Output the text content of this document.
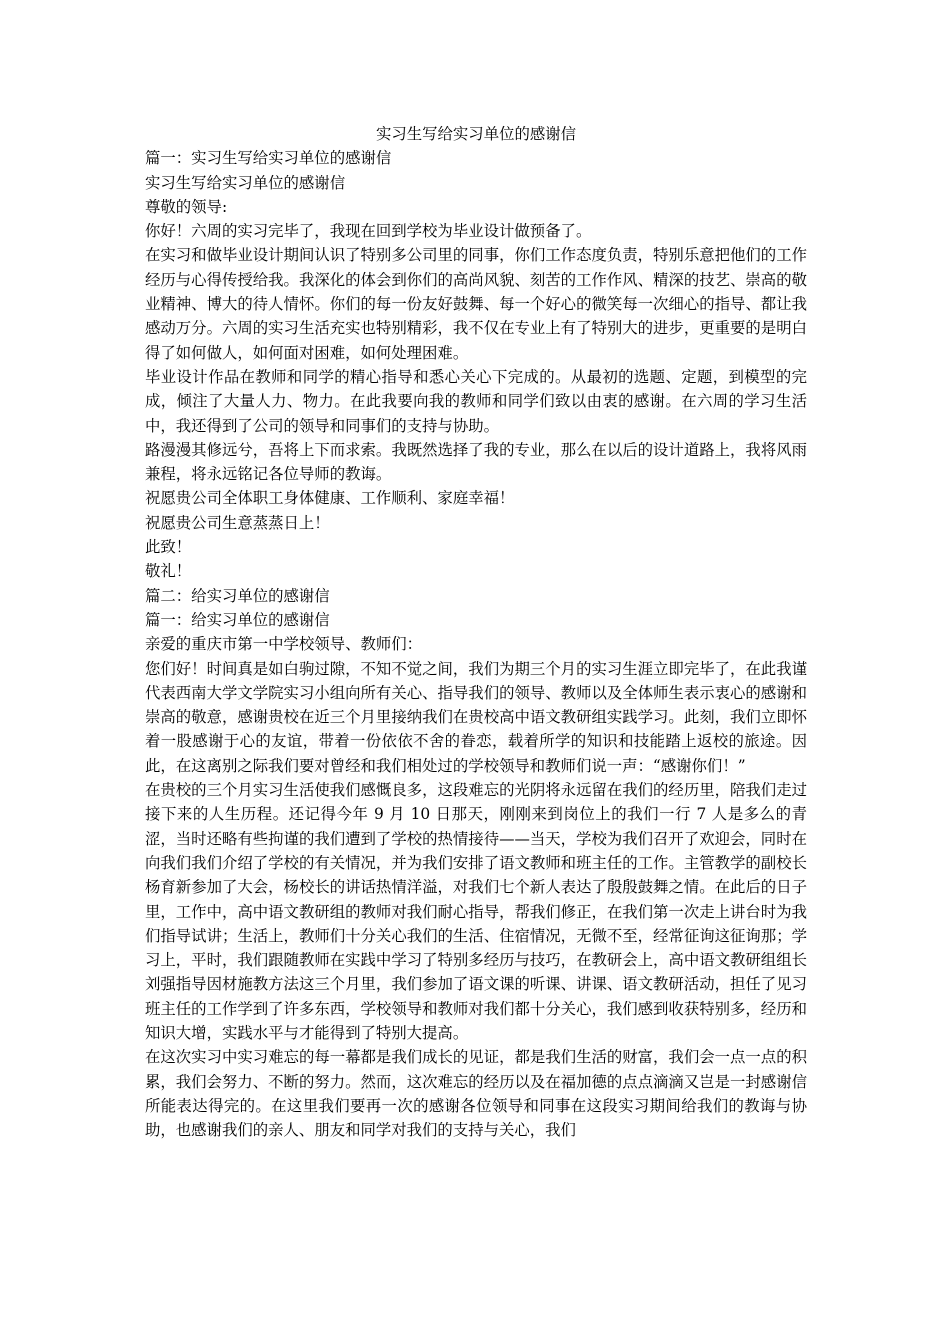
实习生写给实习单位的感谢信

篇一：实习生写给实习单位的感谢信

实习生写给实习单位的感谢信

尊敬的领导:

你好！六周的实习完毕了，我现在回到学校为毕业设计做预备了。

在实习和做毕业设计期间认识了特别多公司里的同事，你们工作态度负责，特别乐意把他们的工作经历与心得传授给我。我深化的体会到你们的高尚风貌、刻苦的工作作风、精深的技艺、崇高的敬业精神、博大的待人情怀。你们的每一份友好鼓舞、每一个好心的微笑每一次细心的指导、都让我感动万分。六周的实习生活充实也特别精彩，我不仅在专业上有了特别大的进步，更重要的是明白得了如何做人，如何面对困难，如何处理困难。

毕业设计作品在教师和同学的精心指导和悉心关心下完成的。从最初的选题、定题，到模型的完成，倾注了大量人力、物力。在此我要向我的教师和同学们致以由衷的感谢。在六周的学习生活中，我还得到了公司的领导和同事们的支持与协助。

路漫漫其修远兮，吾将上下而求索。我既然选择了我的专业，那么在以后的设计道路上，我将风雨兼程，将永远铭记各位导师的教诲。

祝愿贵公司全体职工身体健康、工作顺利、家庭幸福！

祝愿贵公司生意蒸蒸日上！

此致！

敬礼！

篇二：给实习单位的感谢信

篇一：给实习单位的感谢信

亲爱的重庆市第一中学校领导、教师们：

您们好！时间真是如白驹过隙，不知不觉之间，我们为期三个月的实习生涯立即完毕了，在此我谨代表西南大学文学院实习小组向所有关心、指导我们的领导、教师以及全体师生表示衷心的感谢和崇高的敬意，感谢贵校在近三个月里接纳我们在贵校高中语文教研组实践学习。此刻，我们立即怀着一股感谢于心的友谊，带着一份依依不舍的眷恋，载着所学的知识和技能踏上返校的旅途。因此，在这离别之际我们要对曾经和我们相处过的学校领导和教师们说一声：“感谢你们！”

在贵校的三个月实习生活使我们感慨良多，这段难忘的光阴将永远留在我们的经历里，陪我们走过接下来的人生历程。还记得今年 9 月 10 日那天，刚刚来到岗位上的我们一行 7 人是多么的青涩，当时还略有些拘谨的我们遭到了学校的热情接待——当天，学校为我们召开了欢迎会，同时在向我们我们介绍了学校的有关情况，并为我们安排了语文教师和班主任的工作。主管教学的副校长杨育新参加了大会，杨校长的讲话热情洋溢，对我们七个新人表达了殷殷鼓舞之情。在此后的日子里，工作中，高中语文教研组的教师对我们耐心指导，帮我们修正，在我们第一次走上讲台时为我们指导试讲；生活上，教师们十分关心我们的生活、住宿情况，无微不至，经常征询这征询那；学习上，平时，我们跟随教师在实践中学习了特别多经历与技巧，在教研会上，高中语文教研组组长刘强指导因材施教方法这三个月里，我们参加了语文课的听课、讲课、语文教研活动，担任了见习班主任的工作学到了许多东西，学校领导和教师对我们都十分关心，我们感到收获特别多，经历和知识大增，实践水平与才能得到了特别大提高。

在这次实习中实习难忘的每一幕都是我们成长的见证，都是我们生活的财富，我们会一点一点的积累，我们会努力、不断的努力。然而，这次难忘的经历以及在福加德的点点滴滴又岂是一封感谢信所能表达得完的。在这里我们要再一次的感谢各位领导和同事在这段实习期间给我们的教诲与协助，也感谢我们的亲人、朋友和同学对我们的支持与关心，我们
